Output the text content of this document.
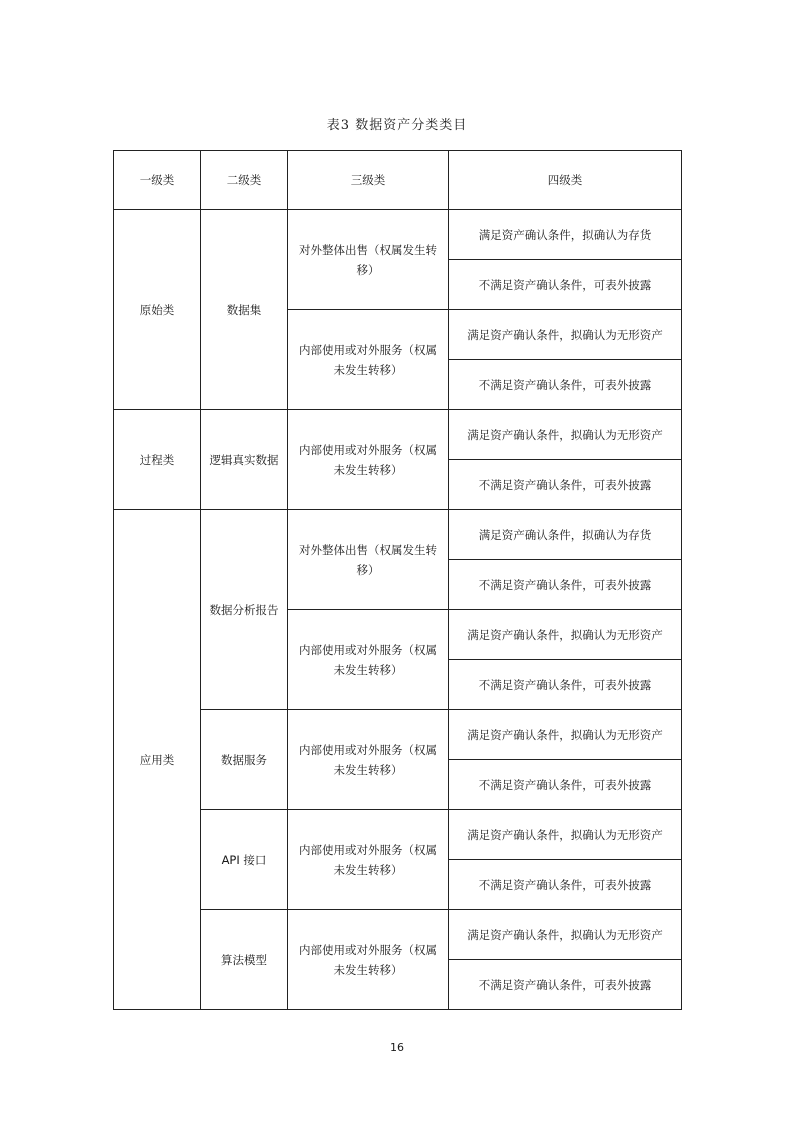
表3 数据资产分类类目
一级类	二级类	三级类	四级类
原始类	数据集	对外整体出售（权属发生转移）	满足资产确认条件，拟确认为存货
			不满足资产确认条件，可表外披露
		内部使用或对外服务（权属未发生转移）	满足资产确认条件，拟确认为无形资产
			不满足资产确认条件，可表外披露
过程类	逻辑真实数据	内部使用或对外服务（权属未发生转移）	满足资产确认条件，拟确认为无形资产
			不满足资产确认条件，可表外披露
应用类	数据分析报告	对外整体出售（权属发生转移）	满足资产确认条件，拟确认为存货
			不满足资产确认条件，可表外披露
		内部使用或对外服务（权属未发生转移）	满足资产确认条件，拟确认为无形资产
			不满足资产确认条件，可表外披露
	数据服务	内部使用或对外服务（权属未发生转移）	满足资产确认条件，拟确认为无形资产
			不满足资产确认条件，可表外披露
	API 接口	内部使用或对外服务（权属未发生转移）	满足资产确认条件，拟确认为无形资产
			不满足资产确认条件，可表外披露
	算法模型	内部使用或对外服务（权属未发生转移）	满足资产确认条件，拟确认为无形资产
			不满足资产确认条件，可表外披露
16
